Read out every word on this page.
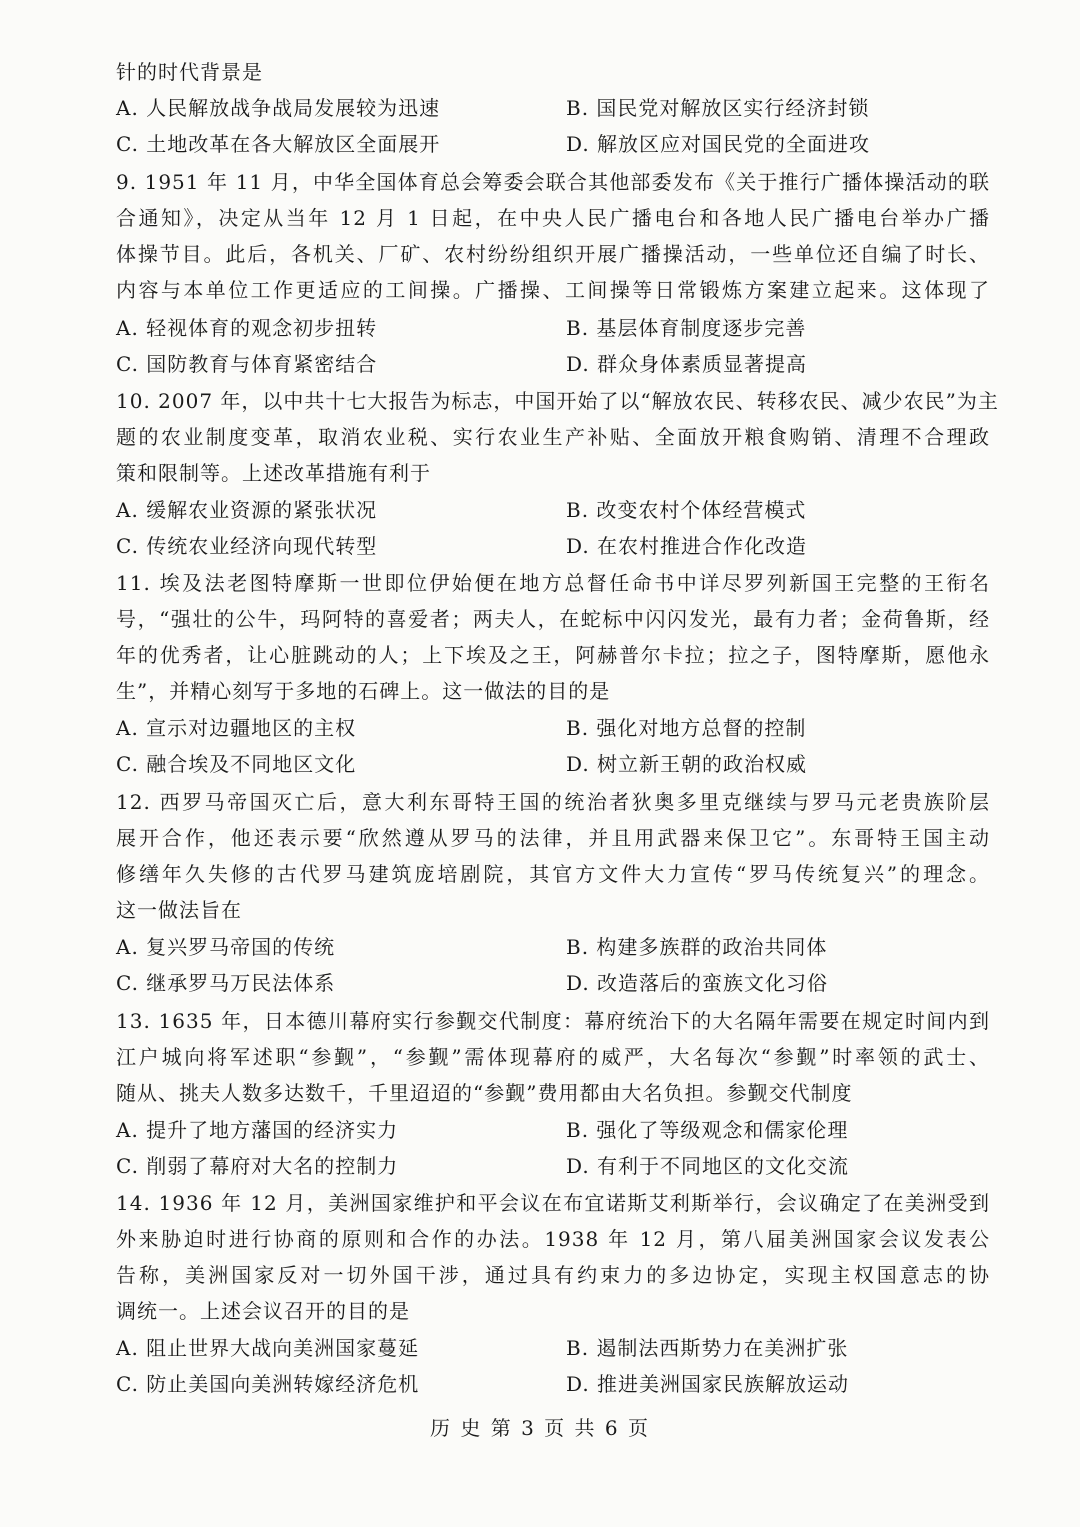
针的时代背景是
A. 人民解放战争战局发展较为迅速	B. 国民党对解放区实行经济封锁
C. 土地改革在各大解放区全面展开	D. 解放区应对国民党的全面进攻
9. 1951 年 11 月，中华全国体育总会筹委会联合其他部委发布《关于推行广播体操活动的联
合通知》，决定从当年 12 月 1 日起，在中央人民广播电台和各地人民广播电台举办广播
体操节目。此后，各机关、厂矿、农村纷纷组织开展广播操活动，一些单位还自编了时长、
内容与本单位工作更适应的工间操。广播操、工间操等日常锻炼方案建立起来。这体现了
A. 轻视体育的观念初步扭转	B. 基层体育制度逐步完善
C. 国防教育与体育紧密结合	D. 群众身体素质显著提高
10. 2007 年，以中共十七大报告为标志，中国开始了以“解放农民、转移农民、减少农民”为主
题的农业制度变革，取消农业税、实行农业生产补贴、全面放开粮食购销、清理不合理政
策和限制等。上述改革措施有利于
A. 缓解农业资源的紧张状况	B. 改变农村个体经营模式
C. 传统农业经济向现代转型	D. 在农村推进合作化改造
11. 埃及法老图特摩斯一世即位伊始便在地方总督任命书中详尽罗列新国王完整的王衔名
号，“强壮的公牛，玛阿特的喜爱者；两夫人，在蛇标中闪闪发光，最有力者；金荷鲁斯，经
年的优秀者，让心脏跳动的人；上下埃及之王，阿赫普尔卡拉；拉之子，图特摩斯，愿他永
生”，并精心刻写于多地的石碑上。这一做法的目的是
A. 宣示对边疆地区的主权	B. 强化对地方总督的控制
C. 融合埃及不同地区文化	D. 树立新王朝的政治权威
12. 西罗马帝国灭亡后，意大利东哥特王国的统治者狄奥多里克继续与罗马元老贵族阶层
展开合作，他还表示要“欣然遵从罗马的法律，并且用武器来保卫它”。东哥特王国主动
修缮年久失修的古代罗马建筑庞培剧院，其官方文件大力宣传“罗马传统复兴”的理念。
这一做法旨在
A. 复兴罗马帝国的传统	B. 构建多族群的政治共同体
C. 继承罗马万民法体系	D. 改造落后的蛮族文化习俗
13. 1635 年，日本德川幕府实行参觐交代制度：幕府统治下的大名隔年需要在规定时间内到
江户城向将军述职“参觐”，“参觐”需体现幕府的威严，大名每次“参觐”时率领的武士、
随从、挑夫人数多达数千，千里迢迢的“参觐”费用都由大名负担。参觐交代制度
A. 提升了地方藩国的经济实力	B. 强化了等级观念和儒家伦理
C. 削弱了幕府对大名的控制力	D. 有利于不同地区的文化交流
14. 1936 年 12 月，美洲国家维护和平会议在布宜诺斯艾利斯举行，会议确定了在美洲受到
外来胁迫时进行协商的原则和合作的办法。1938 年 12 月，第八届美洲国家会议发表公
告称，美洲国家反对一切外国干涉，通过具有约束力的多边协定，实现主权国意志的协
调统一。上述会议召开的目的是
A. 阻止世界大战向美洲国家蔓延	B. 遏制法西斯势力在美洲扩张
C. 防止美国向美洲转嫁经济危机	D. 推进美洲国家民族解放运动
历 史 第 3 页 共 6 页
